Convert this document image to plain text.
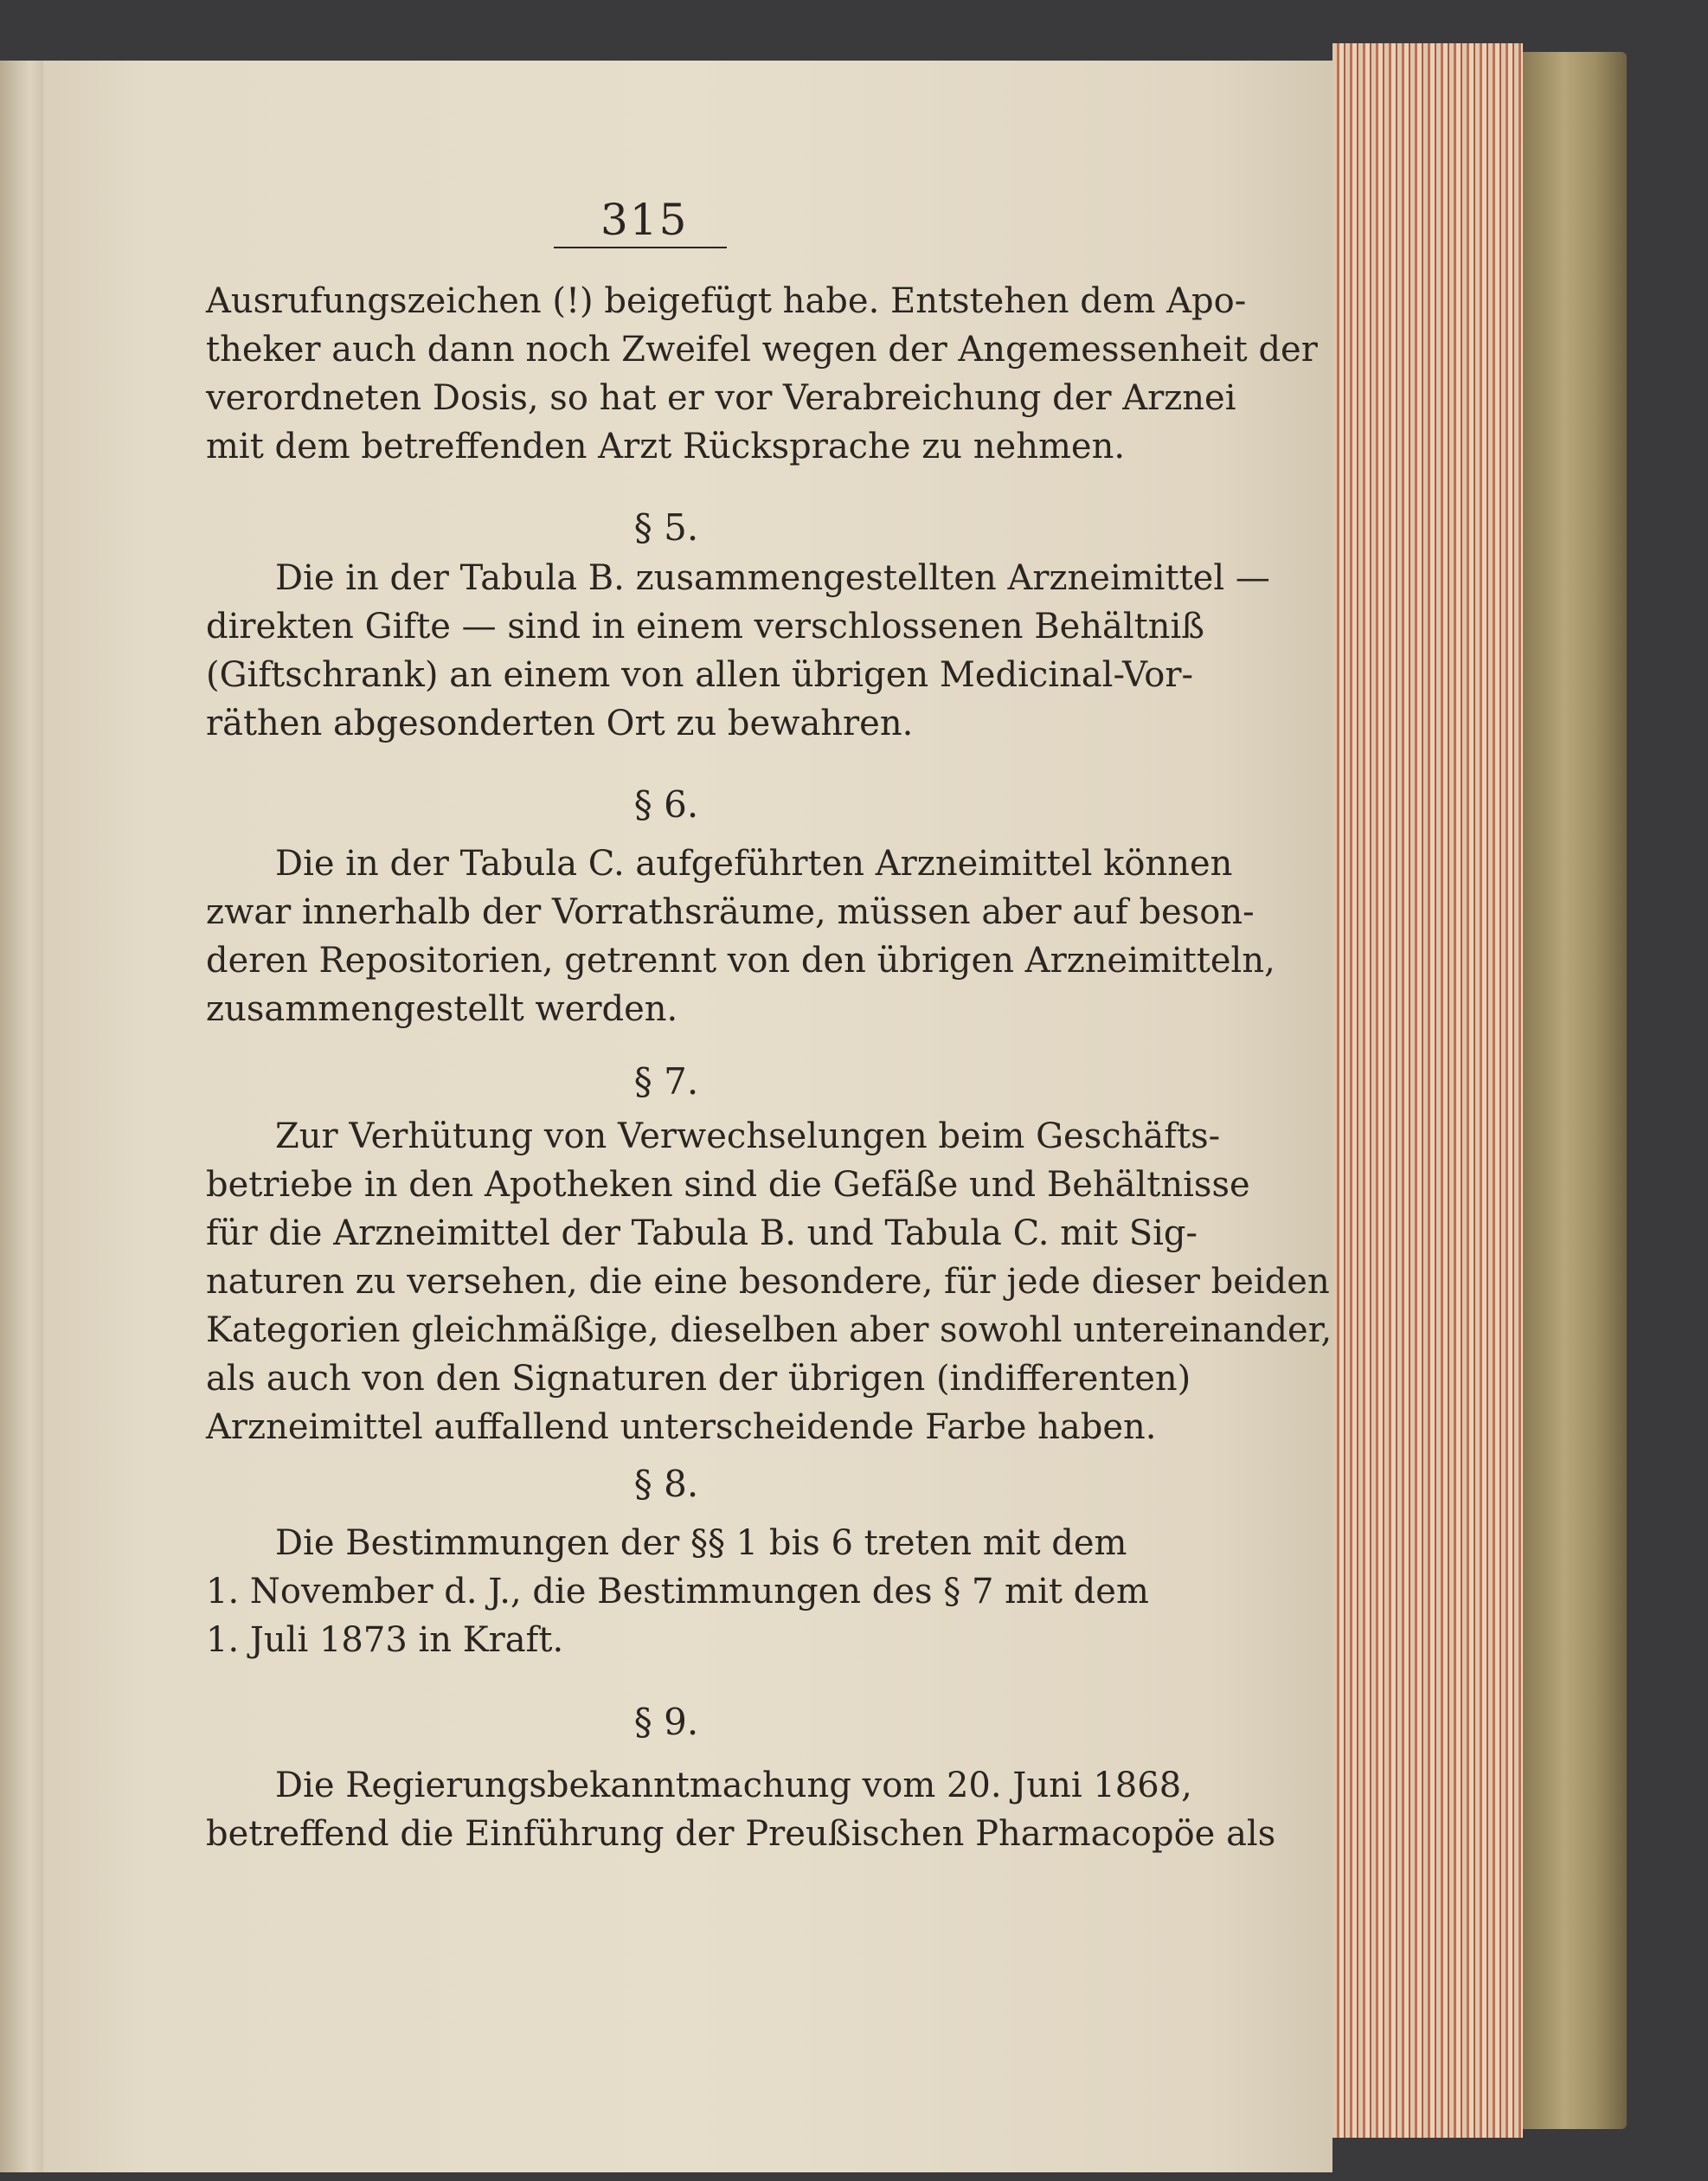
315
Ausrufungszeichen (!) beigefügt habe. Entstehen dem Apo-
theker auch dann noch Zweifel wegen der Angemessenheit der
verordneten Dosis, so hat er vor Verabreichung der Arznei
mit dem betreffenden Arzt Rücksprache zu nehmen.
§ 5.
Die in der Tabula B. zusammengestellten Arzneimittel —
direkten Gifte — sind in einem verschlossenen Behältniß
(Giftschrank) an einem von allen übrigen Medicinal-Vor-
räthen abgesonderten Ort zu bewahren.
§ 6.
Die in der Tabula C. aufgeführten Arzneimittel können
zwar innerhalb der Vorrathsräume, müssen aber auf beson-
deren Repositorien, getrennt von den übrigen Arzneimitteln,
zusammengestellt werden.
§ 7.
Zur Verhütung von Verwechselungen beim Geschäfts-
betriebe in den Apotheken sind die Gefäße und Behältnisse
für die Arzneimittel der Tabula B. und Tabula C. mit Sig-
naturen zu versehen, die eine besondere, für jede dieser beiden
Kategorien gleichmäßige, dieselben aber sowohl untereinander,
als auch von den Signaturen der übrigen (indifferenten)
Arzneimittel auffallend unterscheidende Farbe haben.
§ 8.
Die Bestimmungen der §§ 1 bis 6 treten mit dem
1. November d. J., die Bestimmungen des § 7 mit dem
1. Juli 1873 in Kraft.
§ 9.
Die Regierungsbekanntmachung vom 20. Juni 1868,
betreffend die Einführung der Preußischen Pharmacopöe als
